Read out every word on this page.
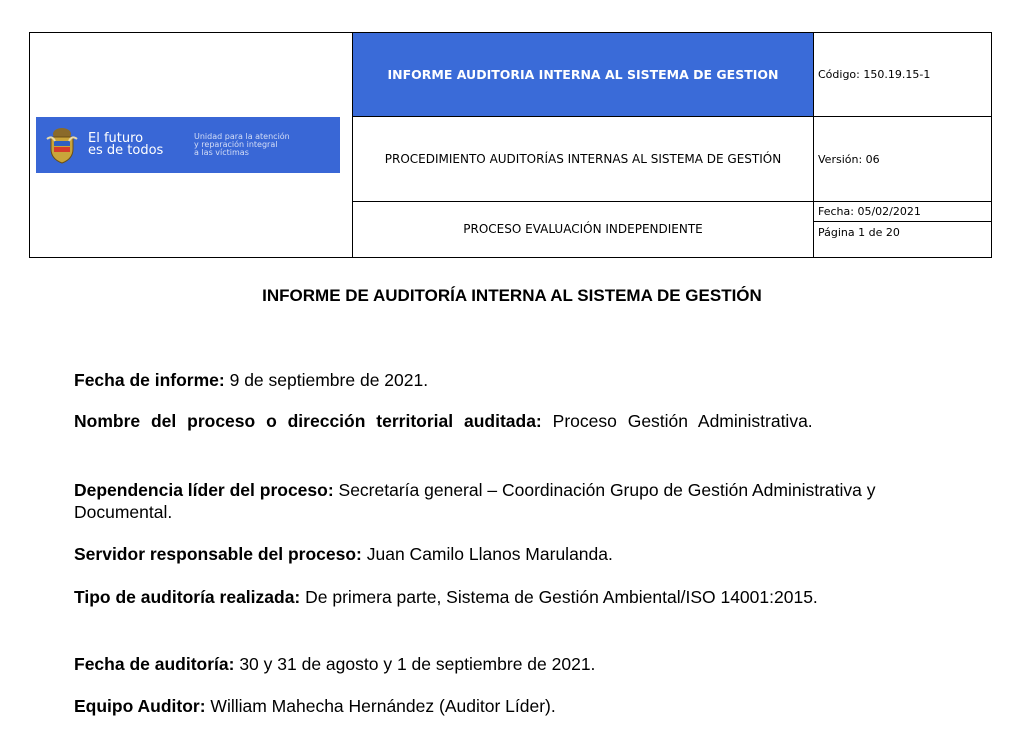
El futuro
es de todos
Unidad para la atención
y reparación integral
a las víctimas	INFORME AUDITORIA INTERNA AL SISTEMA DE GESTION	Código: 150.19.15-1
	PROCEDIMIENTO AUDITORÍAS INTERNAS AL SISTEMA DE GESTIÓN	Versión: 06
	PROCESO EVALUACIÓN INDEPENDIENTE	Fecha: 05/02/2021
		Página 1 de 20
INFORME DE AUDITORÍA INTERNA AL SISTEMA DE GESTIÓN
Fecha de informe: 9 de septiembre de 2021.
Nombre del proceso o dirección territorial auditada: Proceso Gestión Administrativa.
Dependencia líder del proceso: Secretaría general – Coordinación Grupo de Gestión Administrativa y Documental.
Servidor responsable del proceso: Juan Camilo Llanos Marulanda.
Tipo de auditoría realizada: De primera parte, Sistema de Gestión Ambiental/ISO 14001:2015.
Fecha de auditoría: 30 y 31 de agosto y 1 de septiembre de 2021.
Equipo Auditor: William Mahecha Hernández (Auditor Líder).
